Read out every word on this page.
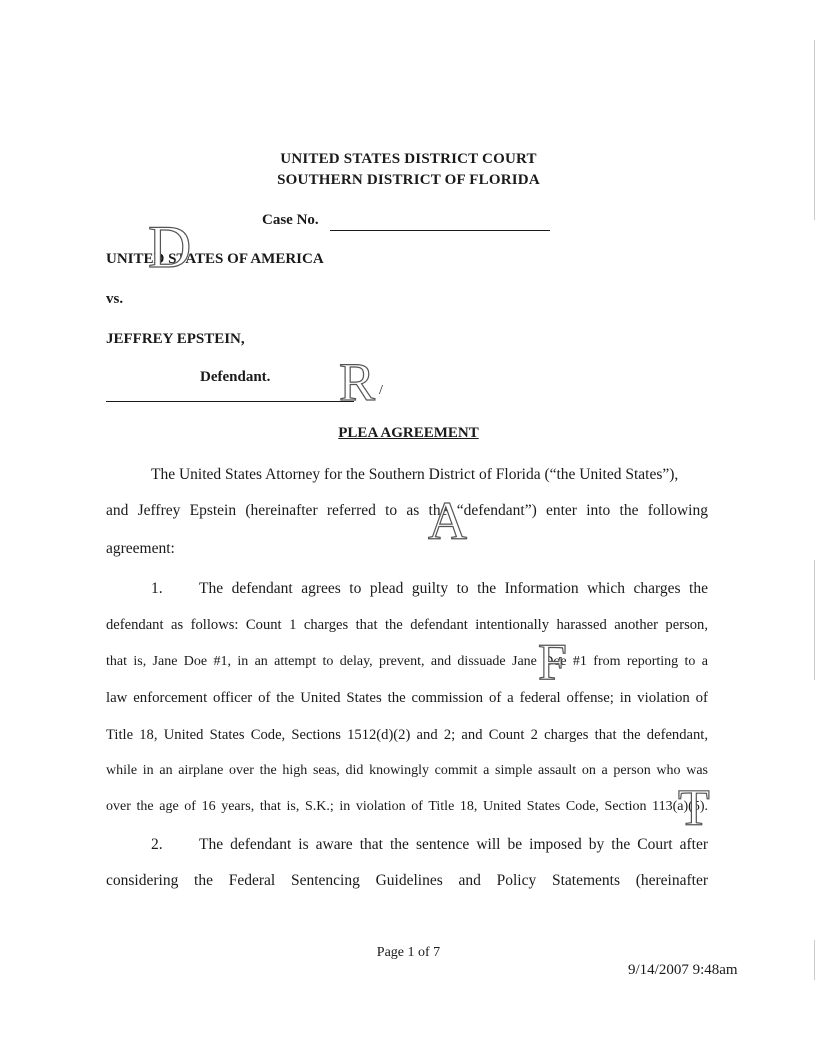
UNITED STATES DISTRICT COURT
SOUTHERN DISTRICT OF FLORIDA
Case No.
UNITED STATES OF AMERICA
vs.
JEFFREY EPSTEIN,
Defendant.
/
PLEA AGREEMENT
The United States Attorney for the Southern District of Florida (“the United States”),
and Jeffrey Epstein (hereinafter referred to as the “defendant”) enter into the following
agreement:
1.	The defendant agrees to plead guilty to the Information which charges the
defendant as follows: Count 1 charges that the defendant intentionally harassed another person,
that is, Jane Doe #1, in an attempt to delay, prevent, and dissuade Jane Doe #1 from reporting to a
law enforcement officer of the United States the commission of a federal offense; in violation of
Title 18, United States Code, Sections 1512(d)(2) and 2; and Count 2 charges that the defendant,
while in an airplane over the high seas, did knowingly commit a simple assault on a person who was
over the age of 16 years, that is, S.K.; in violation of Title 18, United States Code, Section 113(a)(5).
2.	The defendant is aware that the sentence will be imposed by the Court after
considering the Federal Sentencing Guidelines and Policy Statements (hereinafter
Page 1 of 7
9/14/2007 9:48am
D
R
A
F
T
